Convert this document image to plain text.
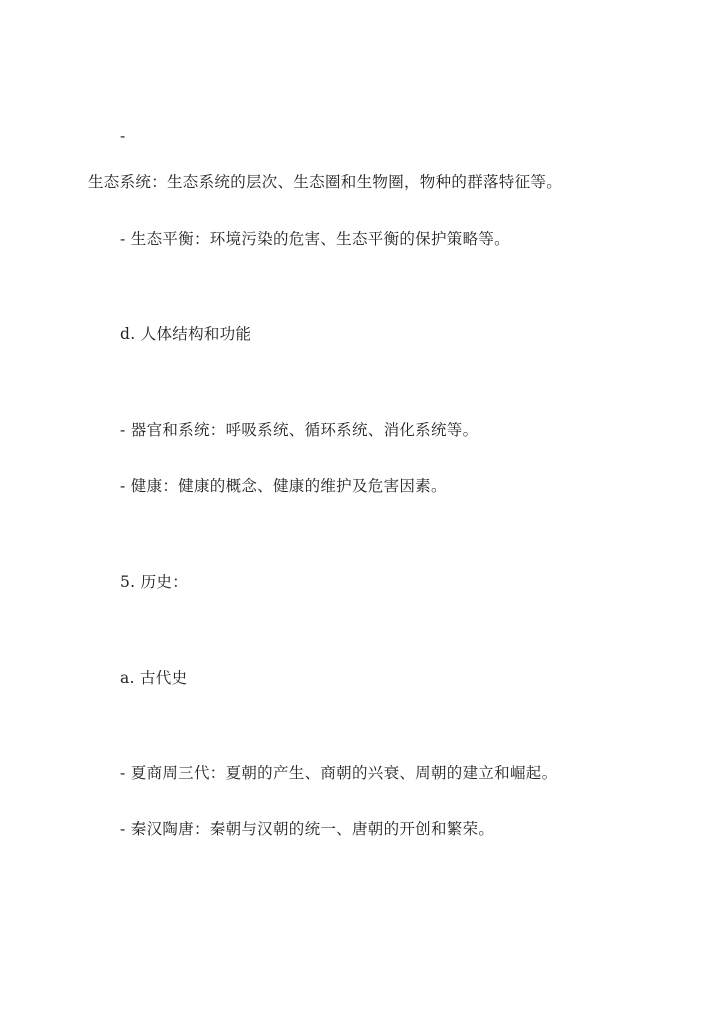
-
生态系统：生态系统的层次、生态圈和生物圈，物种的群落特征等。
- 生态平衡：环境污染的危害、生态平衡的保护策略等。
d. 人体结构和功能
- 器官和系统：呼吸系统、循环系统、消化系统等。
- 健康：健康的概念、健康的维护及危害因素。
5. 历史：
a. 古代史
- 夏商周三代：夏朝的产生、商朝的兴衰、周朝的建立和崛起。
- 秦汉陶唐：秦朝与汉朝的统一、唐朝的开创和繁荣。
